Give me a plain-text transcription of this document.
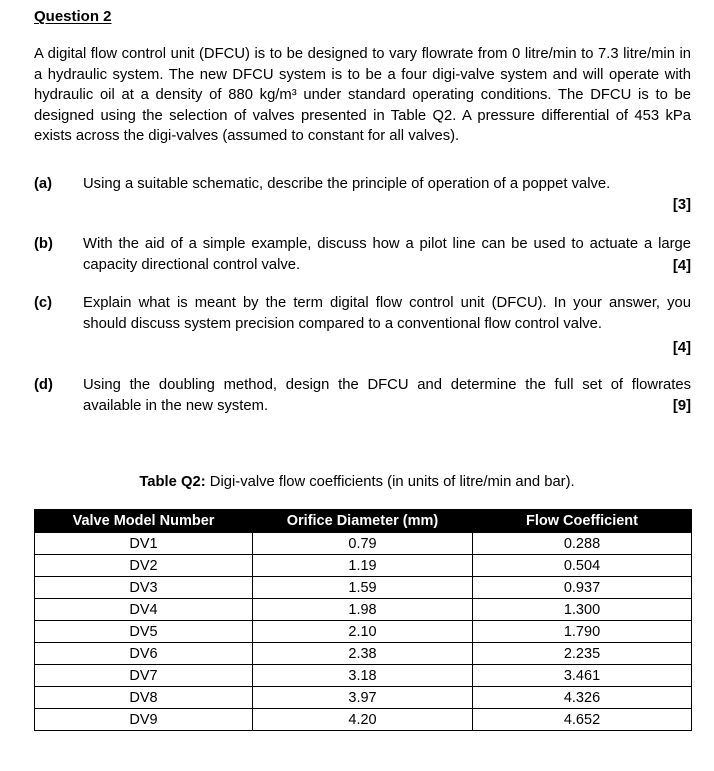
Question 2

A digital flow control unit (DFCU) is to be designed to vary flowrate from 0 litre/min to 7.3 litre/min in a hydraulic system. The new DFCU system is to be a four digi-valve system and will operate with hydraulic oil at a density of 880 kg/m³ under standard operating conditions. The DFCU is to be designed using the selection of valves presented in Table Q2. A pressure differential of 453 kPa exists across the digi-valves (assumed to constant for all valves).

(a) Using a suitable schematic, describe the principle of operation of a poppet valve.

[3]
(b) With the aid of a simple example, discuss how a pilot line can be used to actuate a large capacity directional control valve.	[4]
(c) Explain what is meant by the term digital flow control unit (DFCU). In your answer, you should discuss system precision compared to a conventional flow control valve.

[4]
(d) Using the doubling method, design the DFCU and determine the full set of flowrates available in the new system.	[9]
Table Q2: Digi-valve flow coefficients (in units of litre/min and bar).
Valve Model Number	Orifice Diameter (mm)	Flow Coefficient
DV1	0.79	0.288
DV2	1.19	0.504
DV3	1.59	0.937
DV4	1.98	1.300
DV5	2.10	1.790
DV6	2.38	2.235
DV7	3.18	3.461
DV8	3.97	4.326
DV9	4.20	4.652
